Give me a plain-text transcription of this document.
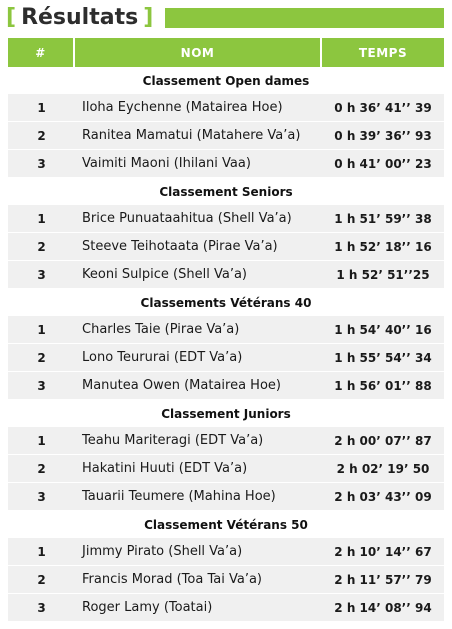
[ Résultats ]
#	NOM	TEMPS
Classement Open dames		
1	Iloha Eychenne (Matairea Hoe)	0 h 36’ 41’’ 39
2	Ranitea Mamatui (Matahere Va’a)	0 h 39’ 36’’ 93
3	Vaimiti Maoni (Ihilani Vaa)	0 h 41’ 00’’ 23
Classement Seniors		
1	Brice Punuataahitua (Shell Va’a)	1 h 51’ 59’’ 38
2	Steeve Teihotaata (Pirae Va’a)	1 h 52’ 18’’ 16
3	Keoni Sulpice (Shell Va’a)	1 h 52’ 51’’25
Classements Vétérans 40		
1	Charles Taie (Pirae Va’a)	1 h 54’ 40’’ 16
2	Lono Teururai (EDT Va’a)	1 h 55’ 54’’ 34
3	Manutea Owen (Matairea Hoe)	1 h 56’ 01’’ 88
Classement Juniors		
1	Teahu Mariteragi (EDT Va’a)	2 h 00’ 07’’ 87
2	Hakatini Huuti (EDT Va’a)	2 h 02’ 19’ 50
3	Tauarii Teumere (Mahina Hoe)	2 h 03’ 43’’ 09
Classement Vétérans 50		
1	Jimmy Pirato (Shell Va’a)	2 h 10’ 14’’ 67
2	Francis Morad (Toa Tai Va’a)	2 h 11’ 57’’ 79
3	Roger Lamy (Toatai)	2 h 14’ 08’’ 94
